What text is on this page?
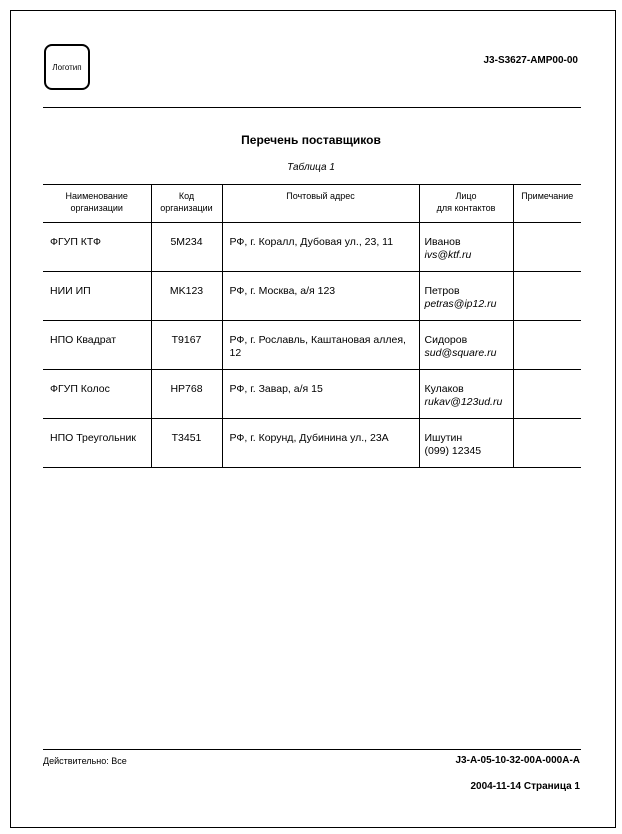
Логотип
J3-S3627-AMP00-00
Перечень поставщиков
Таблица 1
Наименование
организации	Код
организации	Почтовый адрес	Лицо
для контактов	Примечание
ФГУП КТФ	5M234	РФ, г. Коралл, Дубовая ул., 23, 11	Иванов
ivs@ktf.ru

НИИ ИП	MK123	РФ, г. Москва, а/я 123	Петров
petras@ip12.ru

НПО Квадрат	T9167	РФ, г. Рославль, Каштановая аллея, 12	Сидоров
sud@square.ru

ФГУП Колос	HP768	РФ, г. Завар, а/я 15	Кулаков
rukav@123ud.ru

НПО Треугольник	T3451	РФ, г. Корунд, Дубинина ул., 23А	Ишутин
(099) 12345

Действительно: Все	J3-A-05-10-32-00A-000A-A
2004-11-14 Страница 1
